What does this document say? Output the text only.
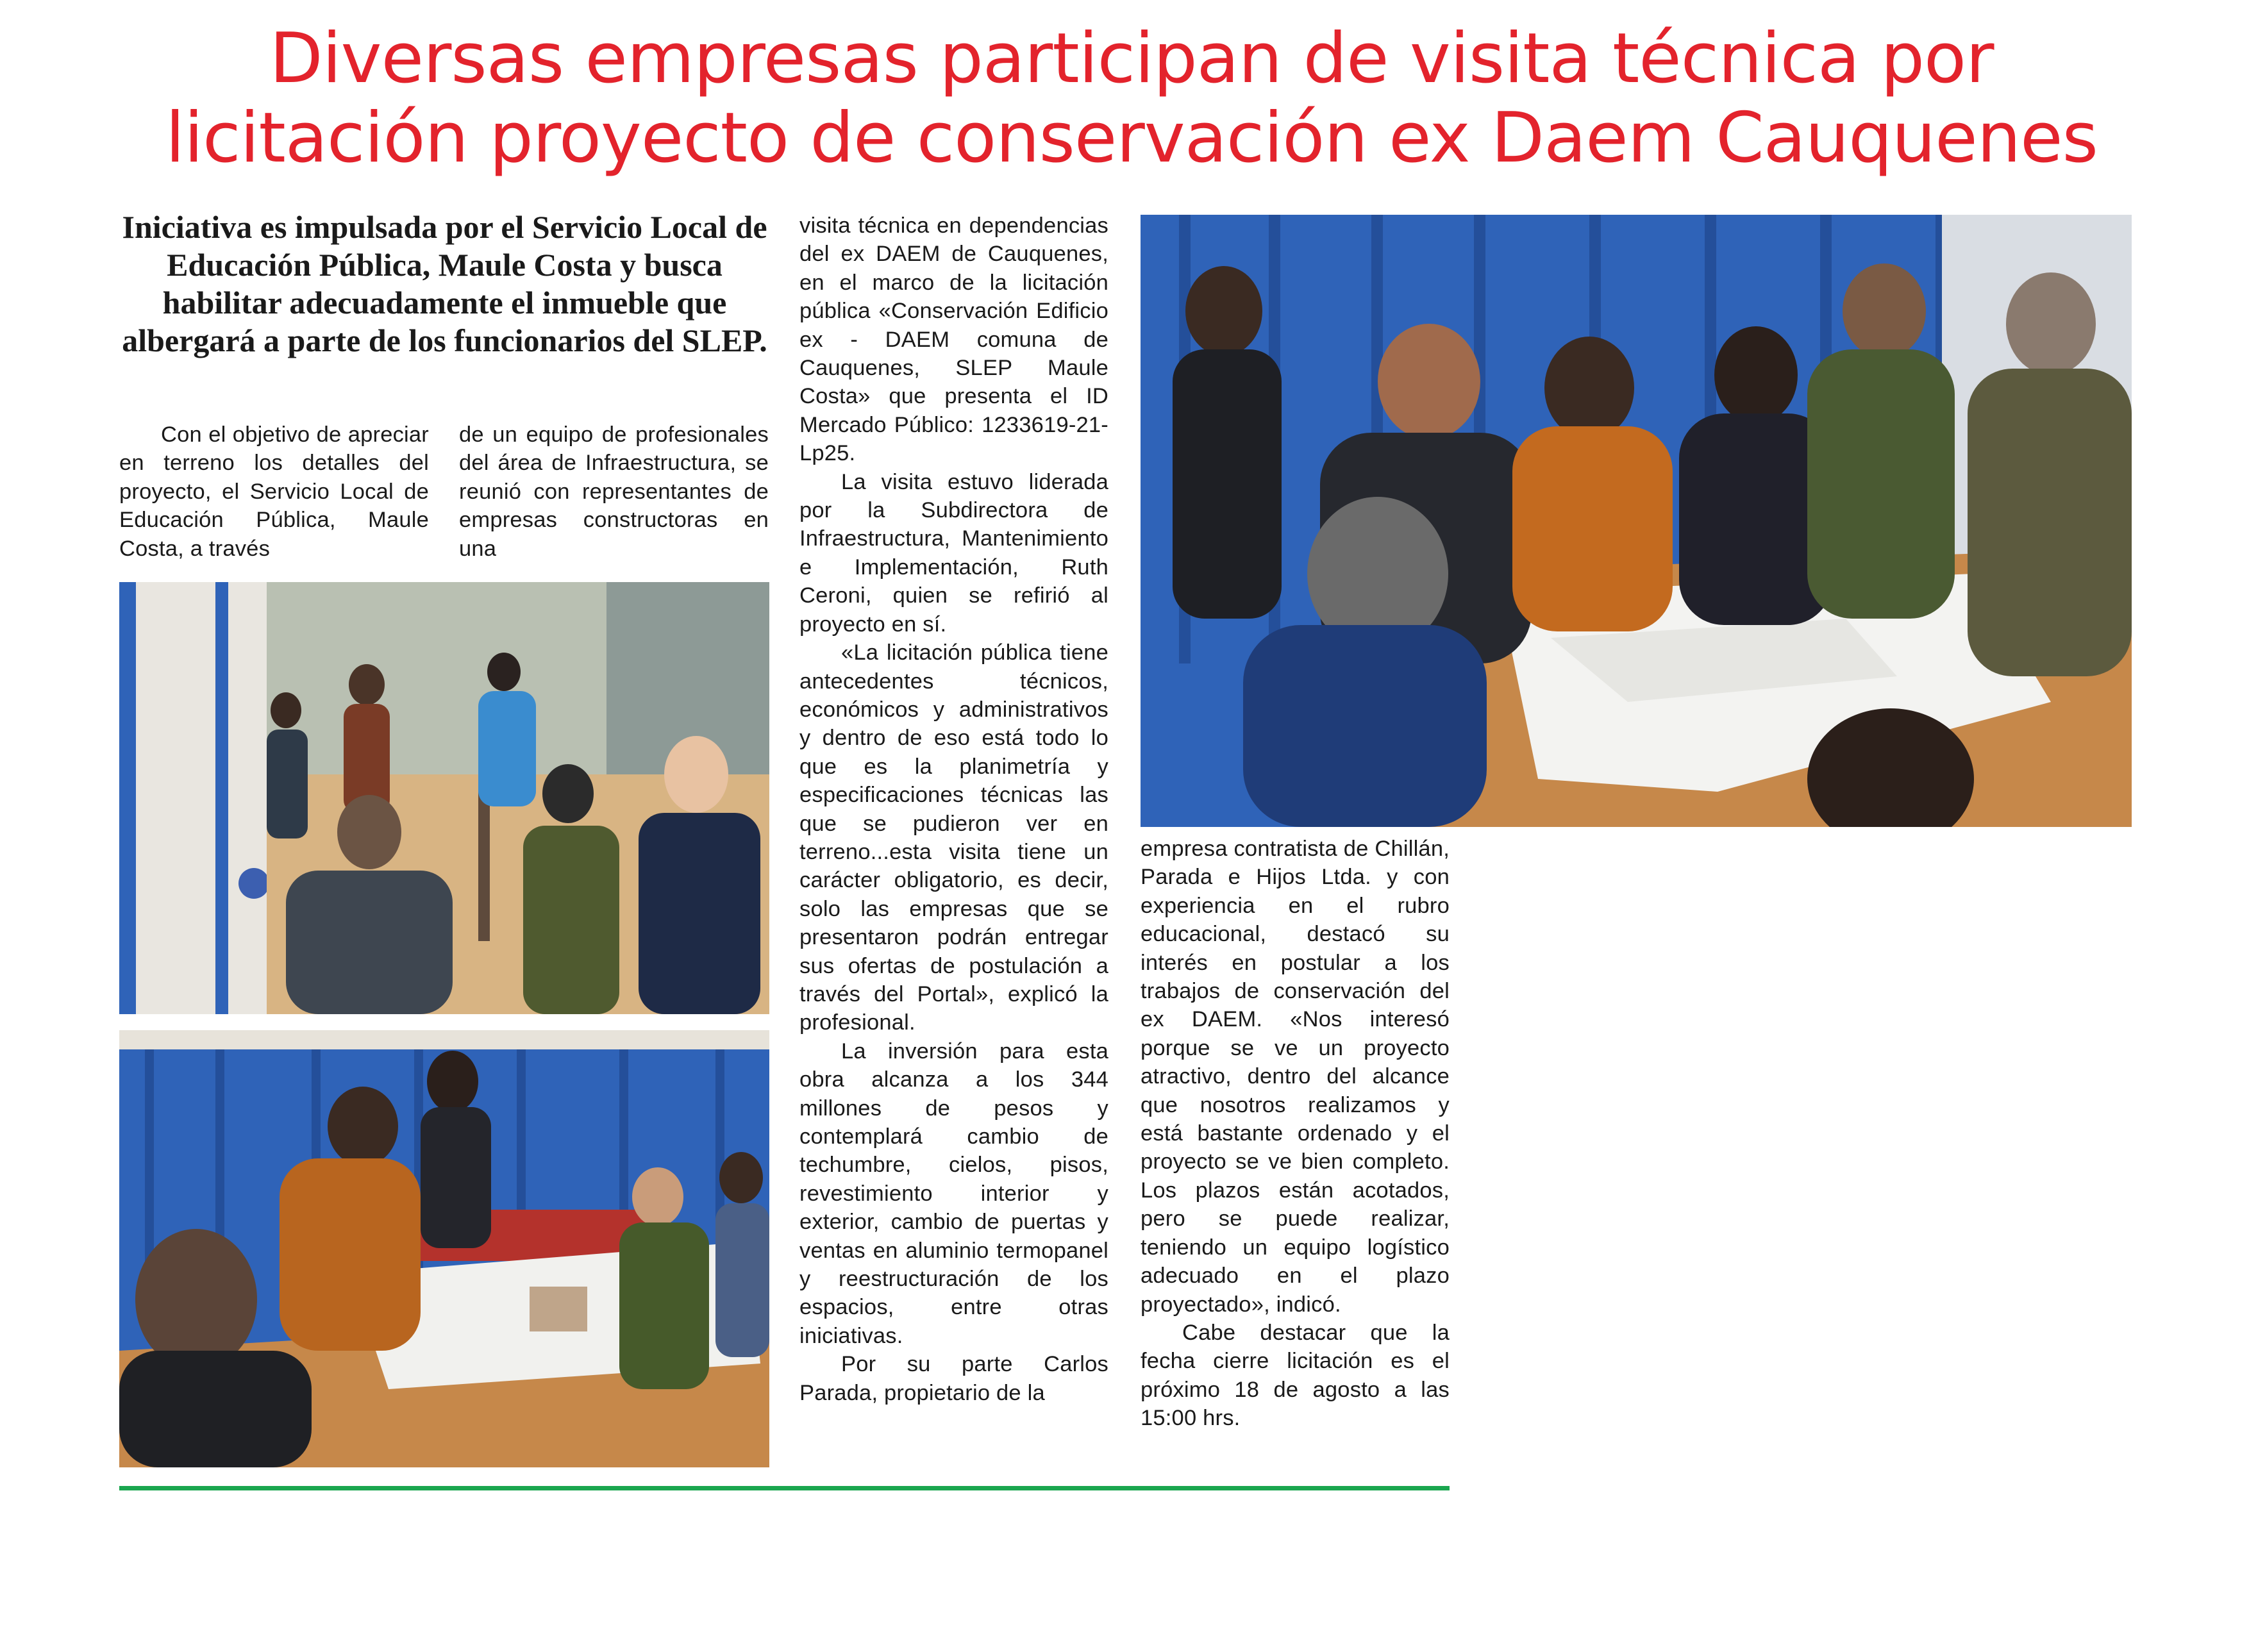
Diversas empresas participan de visita técnica por
licitación proyecto de conservación ex Daem Cauquenes

Iniciativa es impulsada por el Servicio Local de Educación Pública, Maule Costa y busca habilitar adecuadamente el inmueble que albergará a parte de los funcionarios del SLEP.

Con el objetivo de apreciar en terreno los detalles del proyecto, el Servicio Local de Educación Pública, Maule Costa, a través

de un equipo de profesionales del área de Infraestructura, se reunió con representantes de empresas constructoras en una

visita técnica en dependencias del ex DAEM de Cauquenes, en el marco de la licitación pública «Conservación Edificio ex - DAEM comuna de Cauquenes, SLEP Maule Costa» que presenta el ID Mercado Público: 1233619-21-Lp25.

La visita estuvo liderada por la Subdirectora de Infraestructura, Mantenimiento e Implementación, Ruth Ceroni, quien se refirió al proyecto en sí.

«La licitación pública tiene antecedentes técnicos, económicos y administrativos y dentro de eso está todo lo que es la planimetría y especificaciones técnicas las que se pudieron ver en terreno...esta visita tiene un carácter obligatorio, es decir, solo las empresas que se presentaron podrán entregar sus ofertas de postulación a través del Portal», explicó la profesional.

La inversión para esta obra alcanza a los 344 millones de pesos y contemplará cambio de techumbre, cielos, pisos, revestimiento interior y exterior, cambio de puertas y ventas en aluminio termopanel y reestructuración de los espacios, entre otras iniciativas.

Por su parte Carlos Parada, propietario de la

empresa contratista de Chillán, Parada e Hijos Ltda. y con experiencia en el rubro educacional, destacó su interés en postular a los trabajos de conservación del ex DAEM. «Nos interesó porque se ve un proyecto atractivo, dentro del alcance que nosotros realizamos y está bastante ordenado y el proyecto se ve bien completo. Los plazos están acotados, pero se puede realizar, teniendo un equipo logístico adecuado en el plazo proyectado», indicó.

Cabe destacar que la fecha cierre licitación es el próximo 18 de agosto a las 15:00 hrs.
